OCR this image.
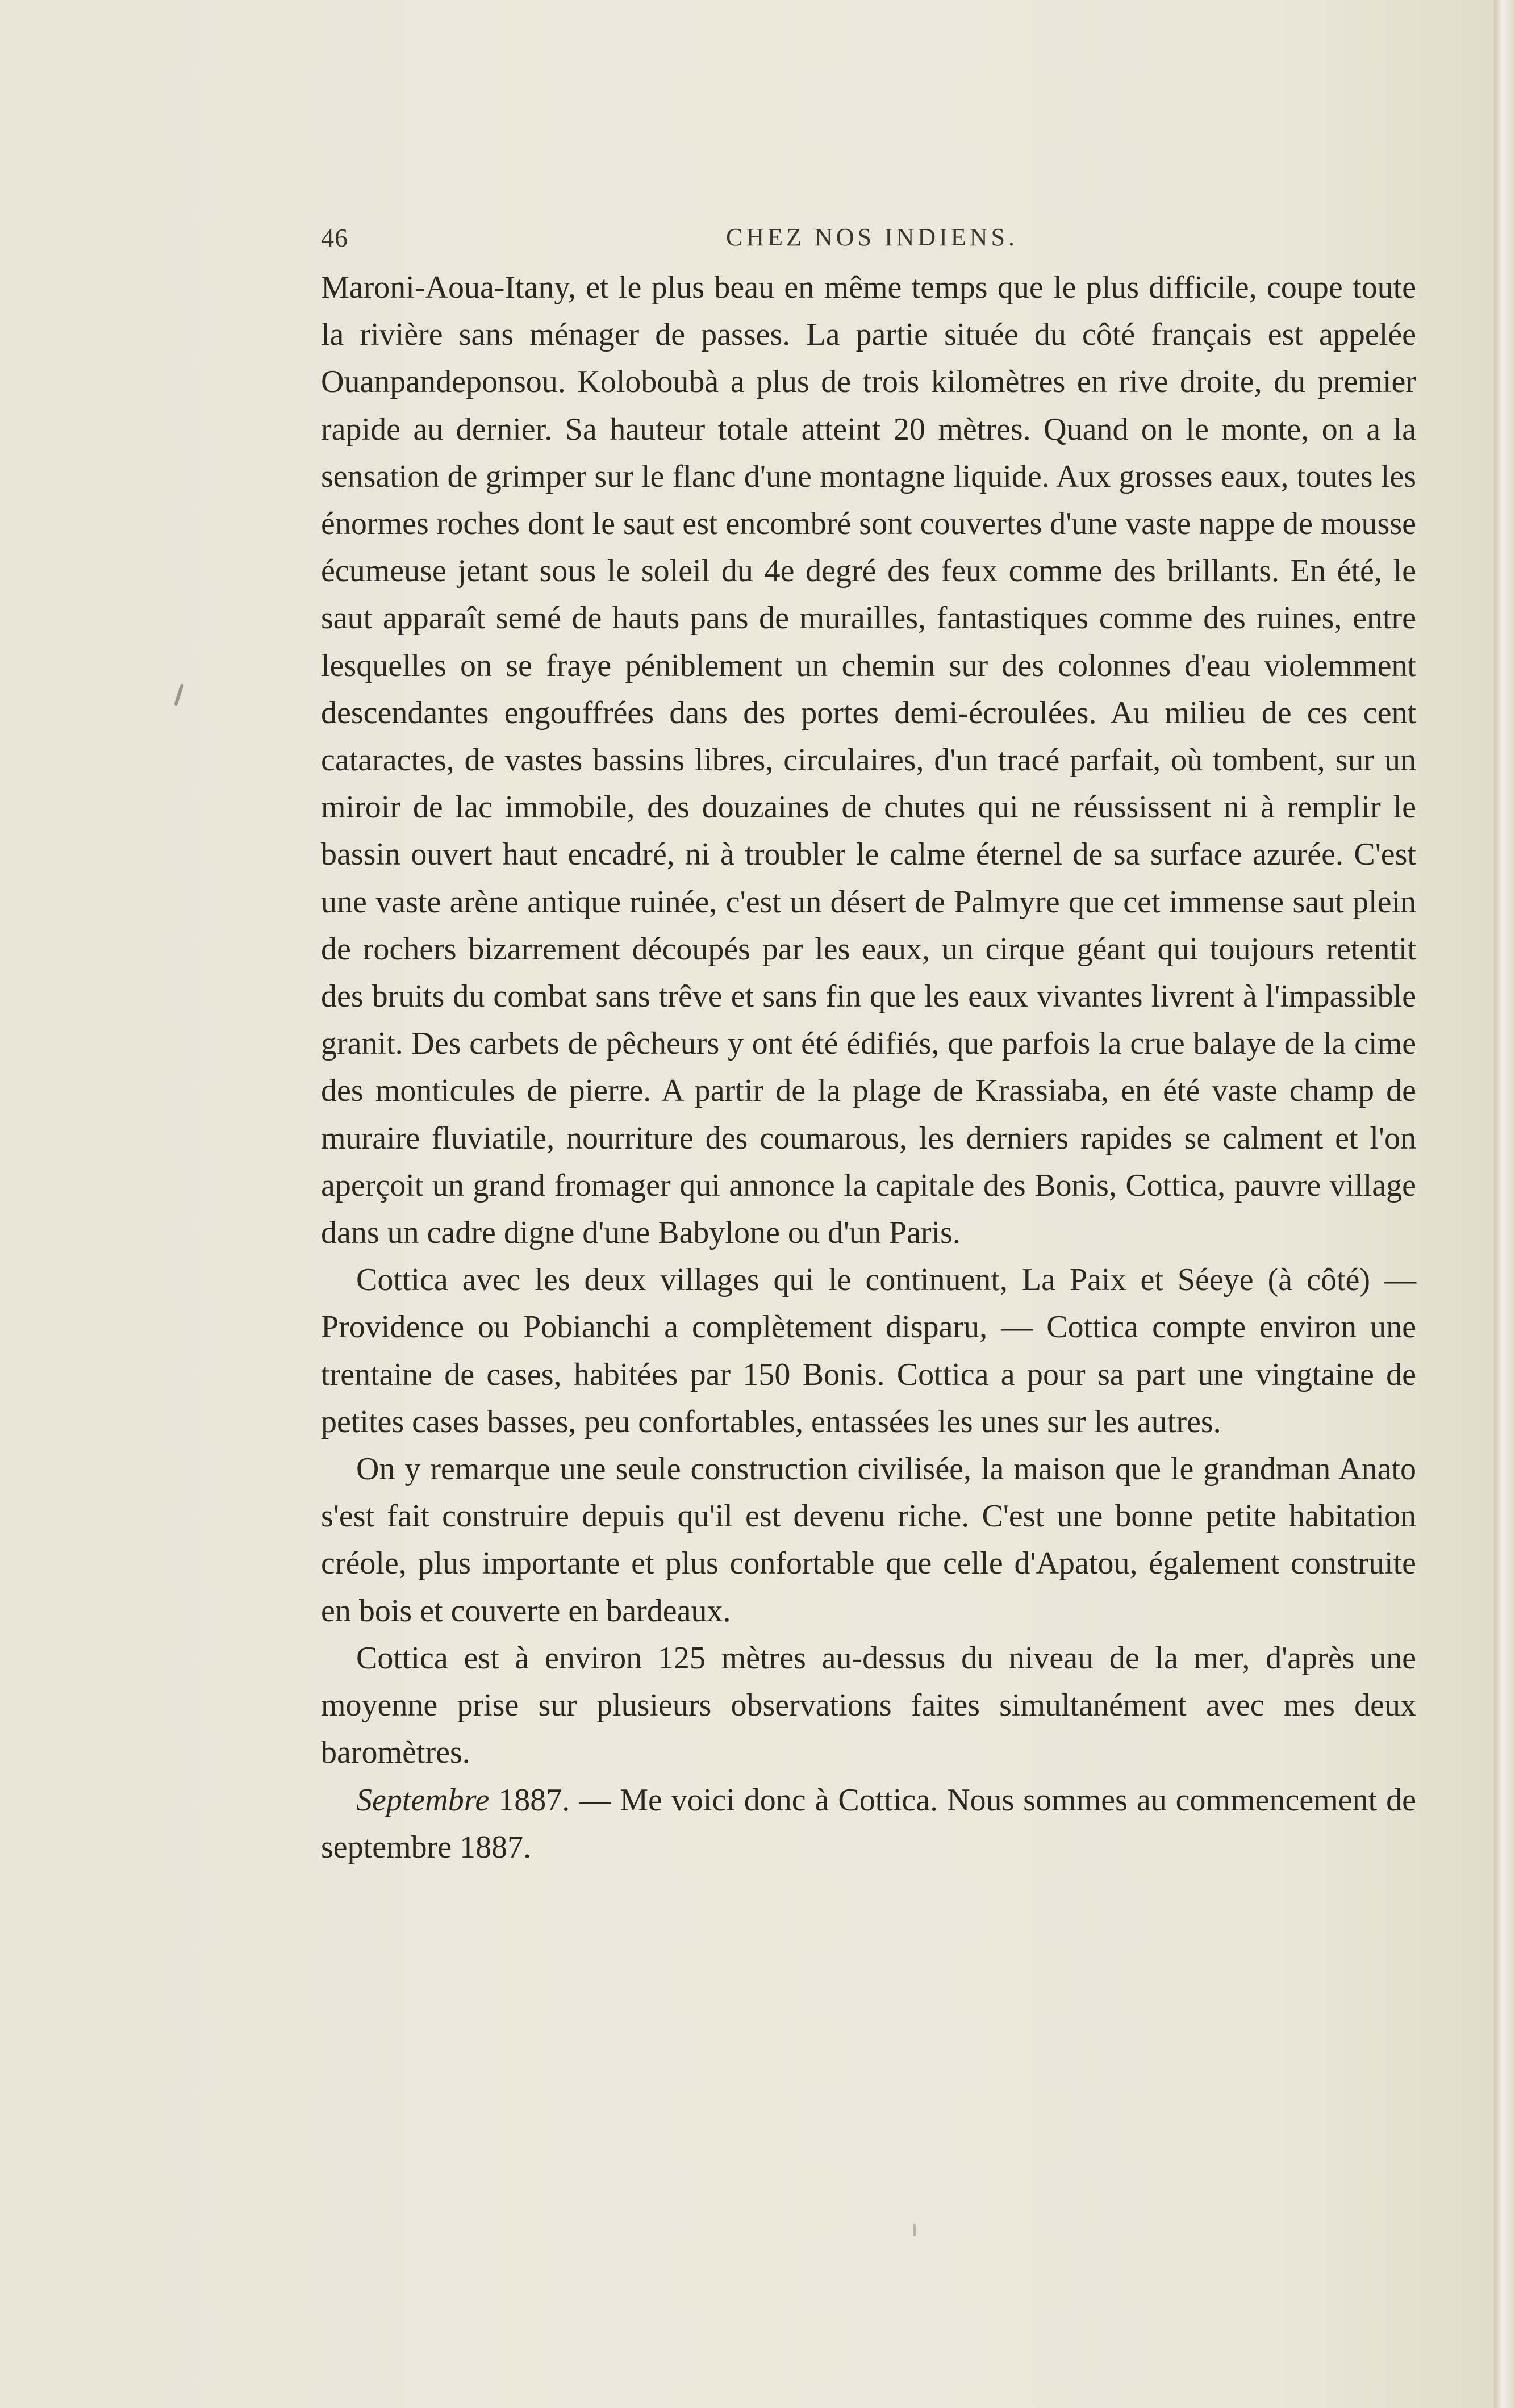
46	CHEZ NOS INDIENS.

Maroni-Aoua-Itany, et le plus beau en même temps que le plus difficile, coupe toute la rivière sans ménager de passes. La partie située du côté français est appelée Ouanpandeponsou. Koloboubà a plus de trois kilomètres en rive droite, du premier rapide au dernier. Sa hauteur totale atteint 20 mètres. Quand on le monte, on a la sensation de grimper sur le flanc d'une montagne liquide. Aux grosses eaux, toutes les énormes roches dont le saut est encombré sont couvertes d'une vaste nappe de mousse écumeuse jetant sous le soleil du 4e degré des feux comme des brillants. En été, le saut apparaît semé de hauts pans de murailles, fantastiques comme des ruines, entre lesquelles on se fraye péniblement un chemin sur des colonnes d'eau violemment descendantes engouffrées dans des portes demi-écroulées. Au milieu de ces cent cataractes, de vastes bassins libres, circulaires, d'un tracé parfait, où tombent, sur un miroir de lac immobile, des douzaines de chutes qui ne réussissent ni à remplir le bassin ouvert haut encadré, ni à troubler le calme éternel de sa surface azurée. C'est une vaste arène antique ruinée, c'est un désert de Palmyre que cet immense saut plein de rochers bizarrement découpés par les eaux, un cirque géant qui toujours retentit des bruits du combat sans trêve et sans fin que les eaux vivantes livrent à l'impassible granit. Des carbets de pêcheurs y ont été édifiés, que parfois la crue balaye de la cime des monticules de pierre. A partir de la plage de Krassiaba, en été vaste champ de muraire fluviatile, nourriture des coumarous, les derniers rapides se calment et l'on aperçoit un grand fromager qui annonce la capitale des Bonis, Cottica, pauvre village dans un cadre digne d'une Babylone ou d'un Paris.

Cottica avec les deux villages qui le continuent, La Paix et Séeye (à côté) — Providence ou Pobianchi a complètement disparu, — Cottica compte environ une trentaine de cases, habitées par 150 Bonis. Cottica a pour sa part une vingtaine de petites cases basses, peu confortables, entassées les unes sur les autres.

On y remarque une seule construction civilisée, la maison que le grandman Anato s'est fait construire depuis qu'il est devenu riche. C'est une bonne petite habitation créole, plus importante et plus confortable que celle d'Apatou, également construite en bois et couverte en bardeaux.

Cottica est à environ 125 mètres au-dessus du niveau de la mer, d'après une moyenne prise sur plusieurs observations faites simultanément avec mes deux baromètres.

Septembre 1887. — Me voici donc à Cottica. Nous sommes au commencement de septembre 1887.
